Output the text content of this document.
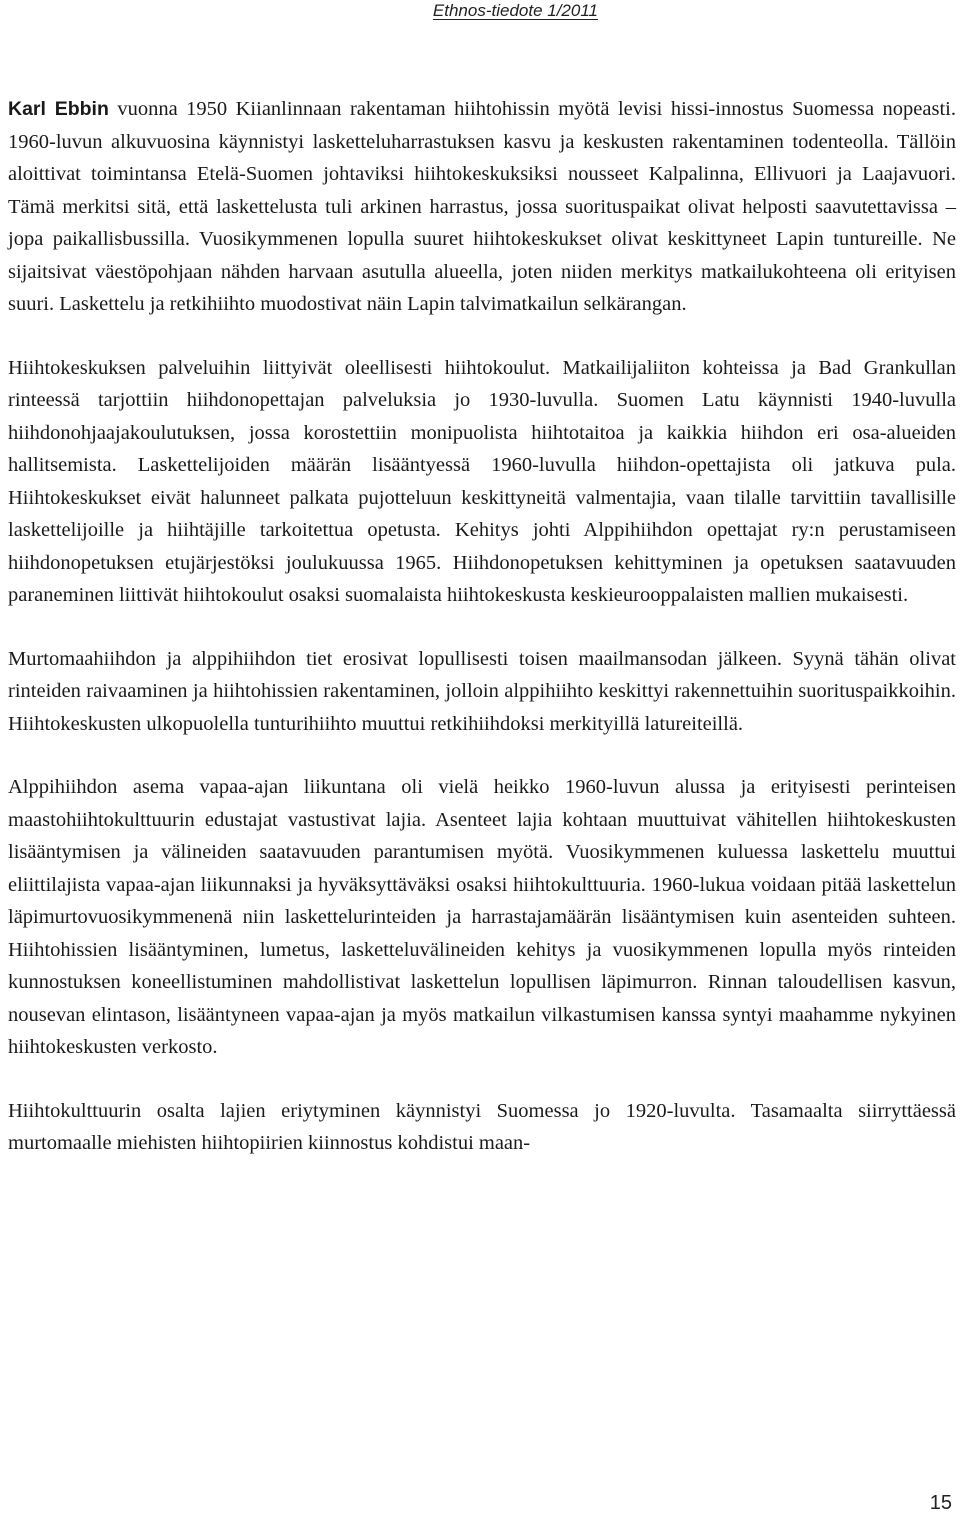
Ethnos-tiedote 1/2011

Karl Ebbin vuonna 1950 Kiianlinnaan rakentaman hiihtohissin myötä levisi hissi-innostus Suomessa nopeasti. 1960-luvun alkuvuosina käynnistyi lasketteluharrastuksen kasvu ja keskusten rakentaminen todenteolla. Tällöin aloittivat toimintansa Etelä-Suomen johtaviksi hiihtokeskuksiksi nousseet Kalpalinna, Ellivuori ja Laajavuori. Tämä merkitsi sitä, että laskettelusta tuli arkinen harrastus, jossa suorituspaikat olivat helposti saavutettavissa – jopa paikallisbussilla. Vuosikymmenen lopulla suuret hiihtokeskukset olivat keskittyneet Lapin tuntureille. Ne sijaitsivat väestöpohjaan nähden harvaan asutulla alueella, joten niiden merkitys matkailukohteena oli erityisen suuri. Laskettelu ja retkihiihto muodostivat näin Lapin talvimatkailun selkärangan.

Hiihtokeskuksen palveluihin liittyivät oleellisesti hiihtokoulut. Matkailijaliiton kohteissa ja Bad Grankullan rinteessä tarjottiin hiihdonopettajan palveluksia jo 1930-luvulla. Suomen Latu käynnisti 1940-luvulla hiihdonohjaajakoulutuksen, jossa korostettiin monipuolista hiihtotaitoa ja kaikkia hiihdon eri osa-alueiden hallitsemista. Laskettelijoiden määrän lisääntyessä 1960-luvulla hiihdon-opettajista oli jatkuva pula. Hiihtokeskukset eivät halunneet palkata pujotteluun keskittyneitä valmentajia, vaan tilalle tarvittiin tavallisille laskettelijoille ja hiihtäjille tarkoitettua opetusta. Kehitys johti Alppihiihdon opettajat ry:n perustamiseen hiihdonopetuksen etujärjestöksi joulukuussa 1965. Hiihdonopetuksen kehittyminen ja opetuksen saatavuuden paraneminen liittivät hiihtokoulut osaksi suomalaista hiihtokeskusta keskieurooppalaisten mallien mukaisesti.

Murtomaahiihdon ja alppihiihdon tiet erosivat lopullisesti toisen maailmansodan jälkeen. Syynä tähän olivat rinteiden raivaaminen ja hiihtohissien rakentaminen, jolloin alppihiihto keskittyi rakennettuihin suorituspaikkoihin. Hiihtokeskusten ulkopuolella tunturihiihto muuttui retkihiihdoksi merkityillä latureiteillä.

Alppihiihdon asema vapaa-ajan liikuntana oli vielä heikko 1960-luvun alussa ja erityisesti perinteisen maastohiihtokulttuurin edustajat vastustivat lajia. Asenteet lajia kohtaan muuttuivat vähitellen hiihtokeskusten lisääntymisen ja välineiden saatavuuden parantumisen myötä. Vuosikymmenen kuluessa laskettelu muuttui eliittilajista vapaa-ajan liikunnaksi ja hyväksyttäväksi osaksi hiihtokulttuuria. 1960-lukua voidaan pitää laskettelun läpimurtovuosikymmenenä niin laskettelurinteiden ja harrastajamäärän lisääntymisen kuin asenteiden suhteen. Hiihtohissien lisääntyminen, lumetus, lasketteluvälineiden kehitys ja vuosikymmenen lopulla myös rinteiden kunnostuksen koneellistuminen mahdollistivat laskettelun lopullisen läpimurron. Rinnan taloudellisen kasvun, nousevan elintason, lisääntyneen vapaa-ajan ja myös matkailun vilkastumisen kanssa syntyi maahamme nykyinen hiihtokeskusten verkosto.

Hiihtokulttuurin osalta lajien eriytyminen käynnistyi Suomessa jo 1920-luvulta. Tasamaalta siirryttäessä murtomaalle miehisten hiihtopiirien kiinnostus kohdistui maan-

15
